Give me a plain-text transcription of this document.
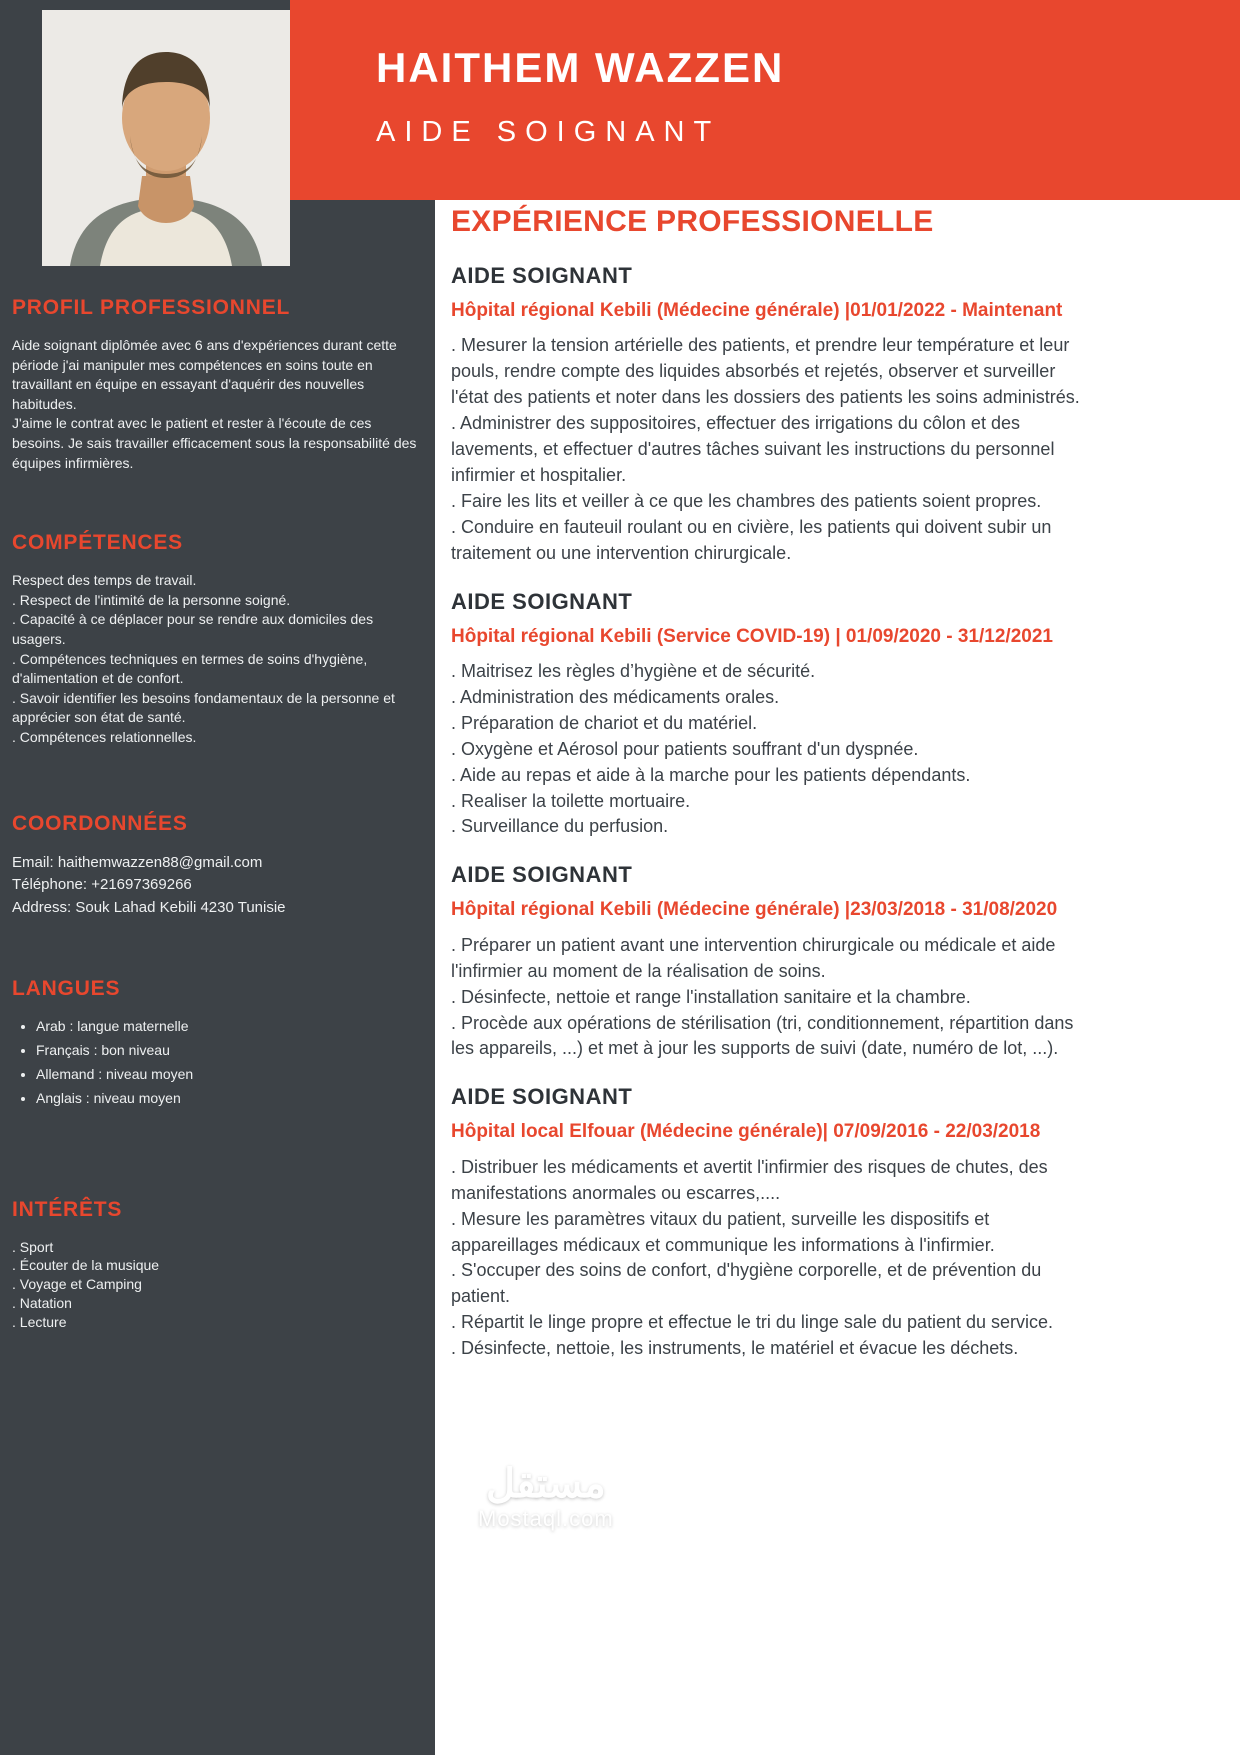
HAITHEM WAZZEN
AIDE SOIGNANT
PROFIL PROFESSIONNEL

Aide soignant diplômée avec 6 ans d'expériences durant cette période j'ai manipuler mes compétences en soins toute en travaillant en équipe en essayant d'aquérir des nouvelles habitudes.

J'aime le contrat avec le patient et rester à l'écoute de ces besoins. Je sais travailler efficacement sous la responsabilité des équipes infirmières.

COMPÉTENCES
Respect des temps de travail.
. Respect de l'intimité de la personne soigné.
. Capacité à ce déplacer pour se rendre aux domiciles des usagers.
. Compétences techniques en termes de soins d'hygiène, d'alimentation et de confort.
. Savoir identifier les besoins fondamentaux de la personne et apprécier son état de santé.
. Compétences relationnelles.
COORDONNÉES
Email: haithemwazzen88@gmail.com
Téléphone: +21697369266
Address: Souk Lahad Kebili 4230 Tunisie
LANGUES
• Arab : langue maternelle
• Français : bon niveau
• Allemand : niveau moyen
• Anglais : niveau moyen
INTÉRÊTS
. Sport
. Écouter de la musique
. Voyage et Camping
. Natation
. Lecture
EXPÉRIENCE PROFESSIONELLE
AIDE SOIGNANT
Hôpital régional Kebili (Médecine générale) |01/01/2022 - Maintenant
. Mesurer la tension artérielle des patients, et prendre leur température et leur pouls, rendre compte des liquides absorbés et rejetés, observer et surveiller l'état des patients et noter dans les dossiers des patients les soins administrés.
. Administrer des suppositoires, effectuer des irrigations du côlon et des lavements, et effectuer d'autres tâches suivant les instructions du personnel infirmier et hospitalier.
. Faire les lits et veiller à ce que les chambres des patients soient propres.
. Conduire en fauteuil roulant ou en civière, les patients qui doivent subir un traitement ou une intervention chirurgicale.
AIDE SOIGNANT
Hôpital régional Kebili (Service COVID-19) | 01/09/2020 - 31/12/2021
. Maitrisez les règles d’hygiène et de sécurité.
. Administration des médicaments orales.
. Préparation de chariot et du matériel.
. Oxygène et Aérosol pour patients souffrant d'un dyspnée.
. Aide au repas et aide à la marche pour les patients dépendants.
. Realiser la toilette mortuaire.
. Surveillance du perfusion.
AIDE SOIGNANT
Hôpital régional Kebili (Médecine générale) |23/03/2018 - 31/08/2020
. Préparer un patient avant une intervention chirurgicale ou médicale et aide l'infirmier au moment de la réalisation de soins.
. Désinfecte, nettoie et range l'installation sanitaire et la chambre.
. Procède aux opérations de stérilisation (tri, conditionnement, répartition dans les appareils, ...) et met à jour les supports de suivi (date, numéro de lot, ...).
AIDE SOIGNANT
Hôpital local Elfouar (Médecine générale)| 07/09/2016 - 22/03/2018
. Distribuer les médicaments et avertit l'infirmier des risques de chutes, des manifestations anormales ou escarres,....
. Mesure les paramètres vitaux du patient, surveille les dispositifs et appareillages médicaux et communique les informations à l'infirmier.
. S'occuper des soins de confort, d'hygiène corporelle, et de prévention du patient.
. Répartit le linge propre et effectue le tri du linge sale du patient du service.
. Désinfecte, nettoie, les instruments, le matériel et évacue les déchets.
مستقل
Mostaql.com
